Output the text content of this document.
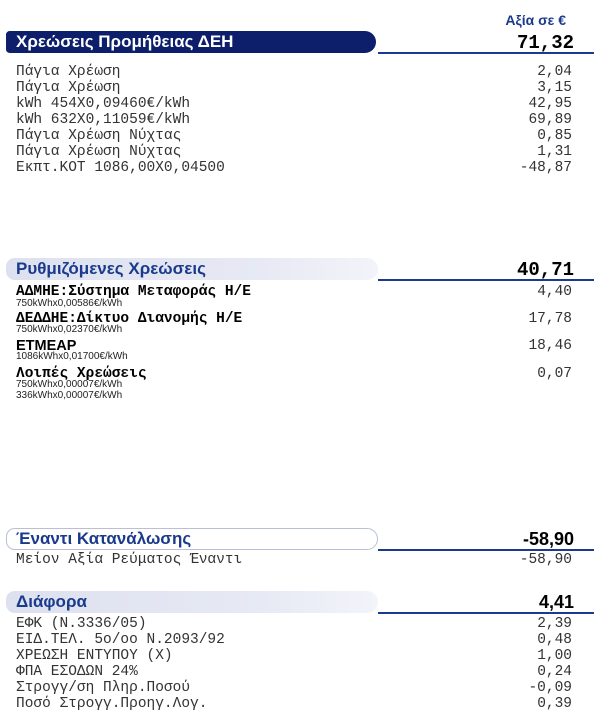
Αξία σε €
Χρεώσεις Προμήθειας ΔΕΗ	71,32
Πάγια Χρέωση	2,04
Πάγια Χρέωση	3,15
kWh 454Χ0,09460€/kWh	42,95
kWh 632Χ0,11059€/kWh	69,89
Πάγια Χρέωση Νύχτας	0,85
Πάγια Χρέωση Νύχτας	1,31
Εκπτ.ΚΟΤ 1086,00Χ0,04500	-48,87
Ρυθμιζόμενες Χρεώσεις	40,71
ΑΔΜΗΕ:Σύστημα Μεταφοράς Η/Ε	4,40
750kWhx0,00586€/kWh
ΔΕΔΔΗΕ:Δίκτυο Διανομής Η/Ε	17,78
750kWhx0,02370€/kWh
ΕΤΜΕΑΡ	18,46
1086kWhx0,01700€/kWh
Λοιπές Χρεώσεις	0,07
750kWhx0,00007€/kWh
336kWhx0,00007€/kWh
Έναντι Κατανάλωσης	-58,90
Μείον Αξία Ρεύματος Έναντι	-58,90
Διάφορα	4,41
ΕΦΚ (Ν.3336/05)	2,39
ΕΙΔ.ΤΕΛ. 5ο/οο Ν.2093/92	0,48
ΧΡΕΩΣΗ ΕΝΤΥΠΟΥ (Χ)	1,00
ΦΠΑ ΕΣΟΔΩΝ 24%	0,24
Στρογγ/ση Πληρ.Ποσού	-0,09
Ποσό Στρογγ.Προηγ.Λογ.	0,39
